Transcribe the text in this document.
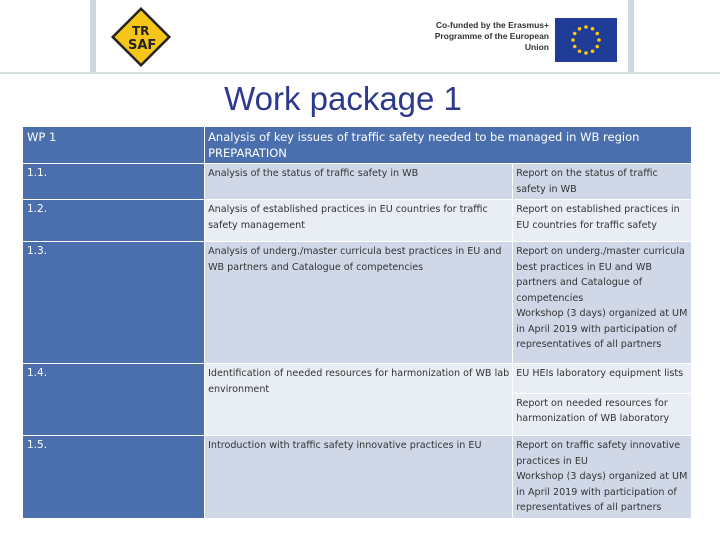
TR
SAF
Co-funded by the Erasmus+ Programme of the European Union
Work package 1
WP 1	Analysis of key issues of traffic safety needed to be managed in WB region PREPARATION	
1.1.	Analysis of the status of traffic safety in WB	Report on the status of traffic safety in WB

1.2.	Analysis of established practices in EU countries for traffic safety management	Report on established practices in EU countries for traffic safety

1.3.	Analysis of underg./master curricula best practices in EU and WB partners and Catalogue of competencies	Report on underg./master curricula best practices in EU and WB partners and Catalogue of competencies
Workshop (3 days) organized at UM in April 2019 with participation of representatives of all partners

1.4.	Identification of needed resources for harmonization of WB lab environment	EU HEIs laboratory equipment lists
Report on needed resources for harmonization of WB laboratory

1.5.	Introduction with traffic safety innovative practices in EU	Report on traffic safety innovative practices in EU
Workshop (3 days) organized at UM in April 2019 with participation of representatives of all partners
